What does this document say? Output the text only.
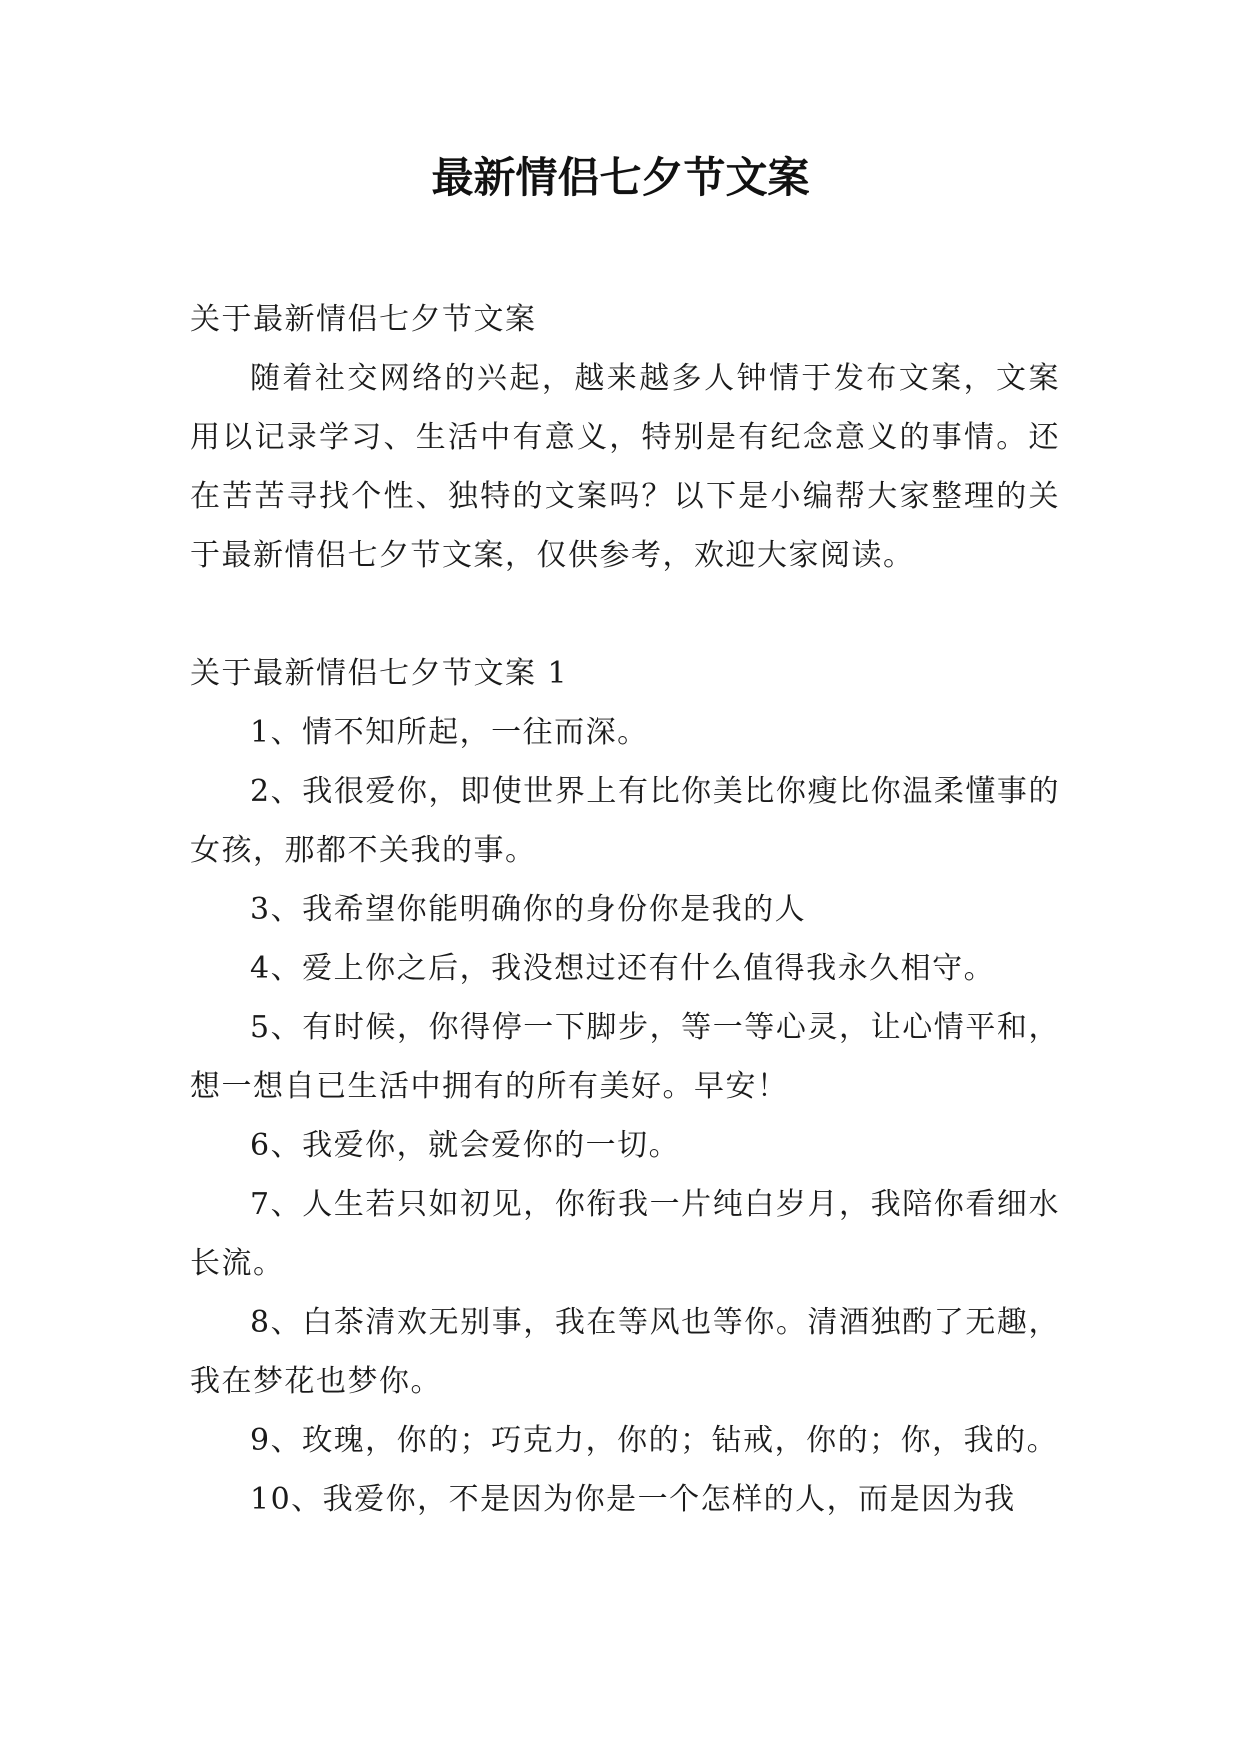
最新情侣七夕节文案

关于最新情侣七夕节文案

随着社交网络的兴起，越来越多人钟情于发布文案，文案用以记录学习、生活中有意义，特别是有纪念意义的事情。还在苦苦寻找个性、独特的文案吗？以下是小编帮大家整理的关于最新情侣七夕节文案，仅供参考，欢迎大家阅读。

关于最新情侣七夕节文案 1

1、情不知所起，一往而深。

2、我很爱你，即使世界上有比你美比你瘦比你温柔懂事的女孩，那都不关我的事。

3、我希望你能明确你的身份你是我的人

4、爱上你之后，我没想过还有什么值得我永久相守。

5、有时候，你得停一下脚步，等一等心灵，让心情平和，想一想自已生活中拥有的所有美好。早安！

6、我爱你，就会爱你的一切。

7、人生若只如初见，你衔我一片纯白岁月，我陪你看细水长流。

8、白茶清欢无别事，我在等风也等你。清酒独酌了无趣，我在梦花也梦你。

9、玫瑰，你的；巧克力，你的；钻戒，你的；你，我的。

10、我爱你，不是因为你是一个怎样的人，而是因为我
